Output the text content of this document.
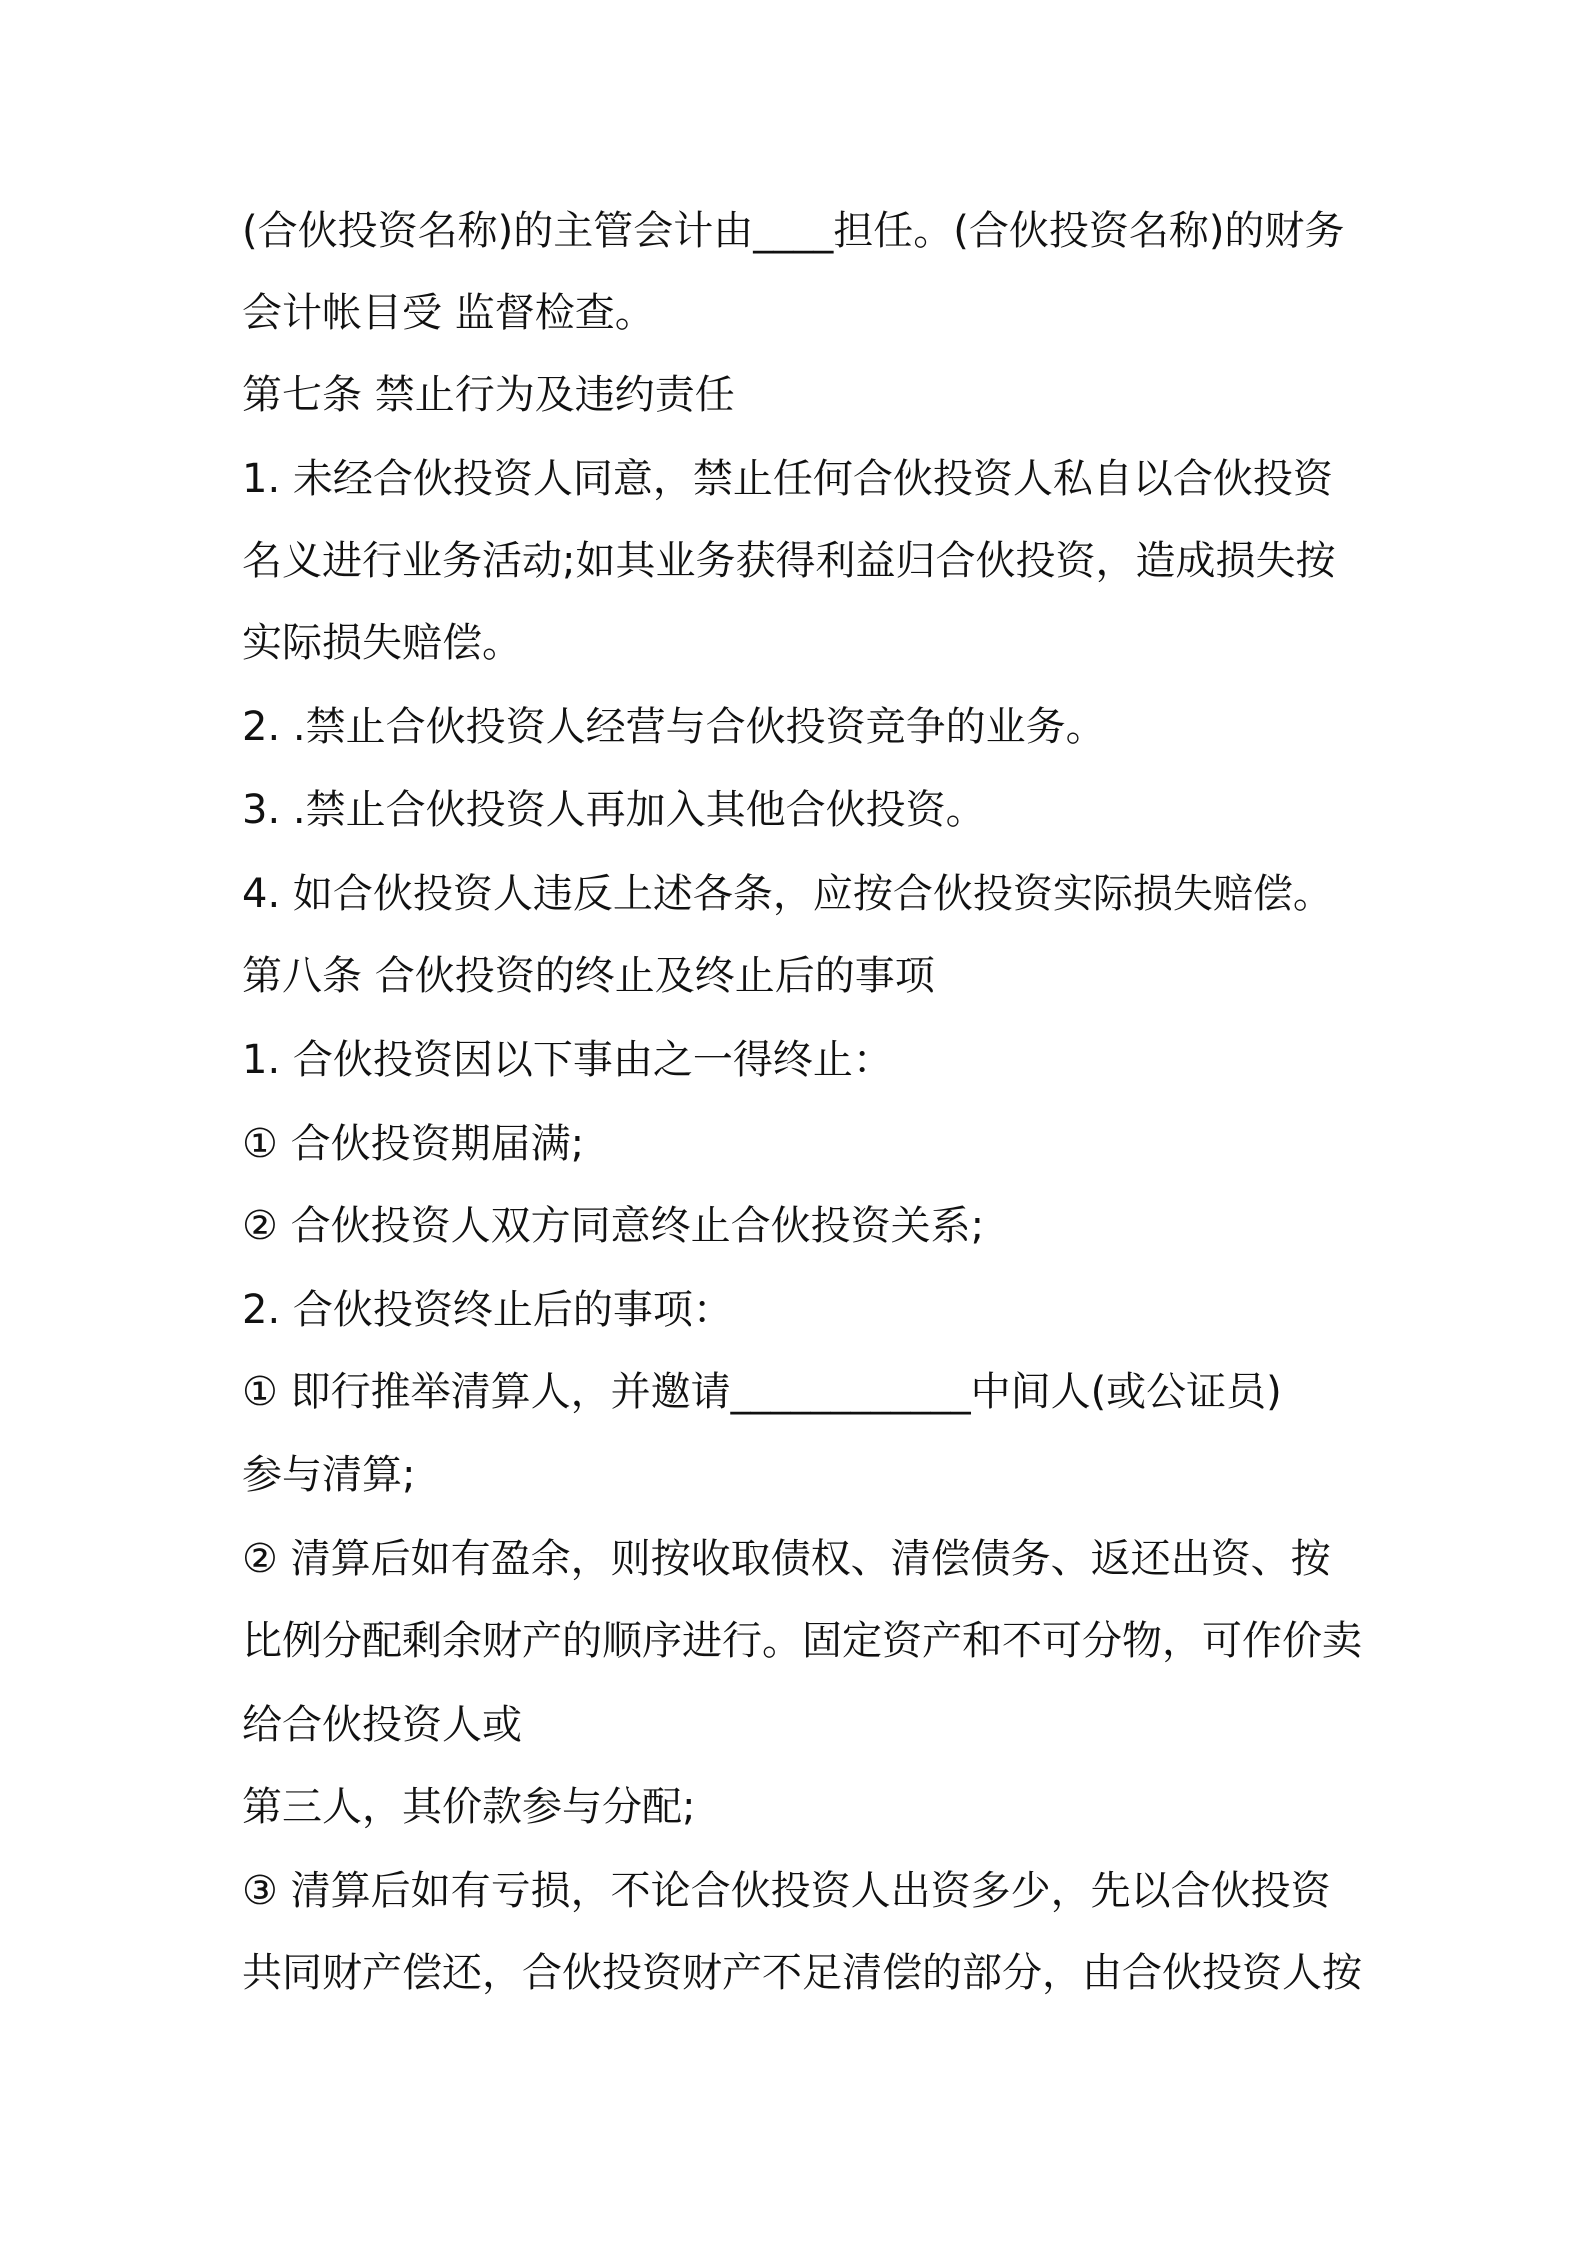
(合伙投资名称)的主管会计由____担任。(合伙投资名称)的财务
会计帐目受 监督检查。
第七条 禁止行为及违约责任
1. 未经合伙投资人同意，禁止任何合伙投资人私自以合伙投资
名义进行业务活动;如其业务获得利益归合伙投资，造成损失按
实际损失赔偿。
2. .禁止合伙投资人经营与合伙投资竞争的业务。
3. .禁止合伙投资人再加入其他合伙投资。
4. 如合伙投资人违反上述各条，应按合伙投资实际损失赔偿。
第八条 合伙投资的终止及终止后的事项
1. 合伙投资因以下事由之一得终止：
① 合伙投资期届满;
② 合伙投资人双方同意终止合伙投资关系;
2. 合伙投资终止后的事项：
① 即行推举清算人，并邀请____________中间人(或公证员)
参与清算;
② 清算后如有盈余，则按收取债权、清偿债务、返还出资、按
比例分配剩余财产的顺序进行。固定资产和不可分物，可作价卖
给合伙投资人或
第三人，其价款参与分配;
③ 清算后如有亏损，不论合伙投资人出资多少，先以合伙投资
共同财产偿还，合伙投资财产不足清偿的部分，由合伙投资人按
